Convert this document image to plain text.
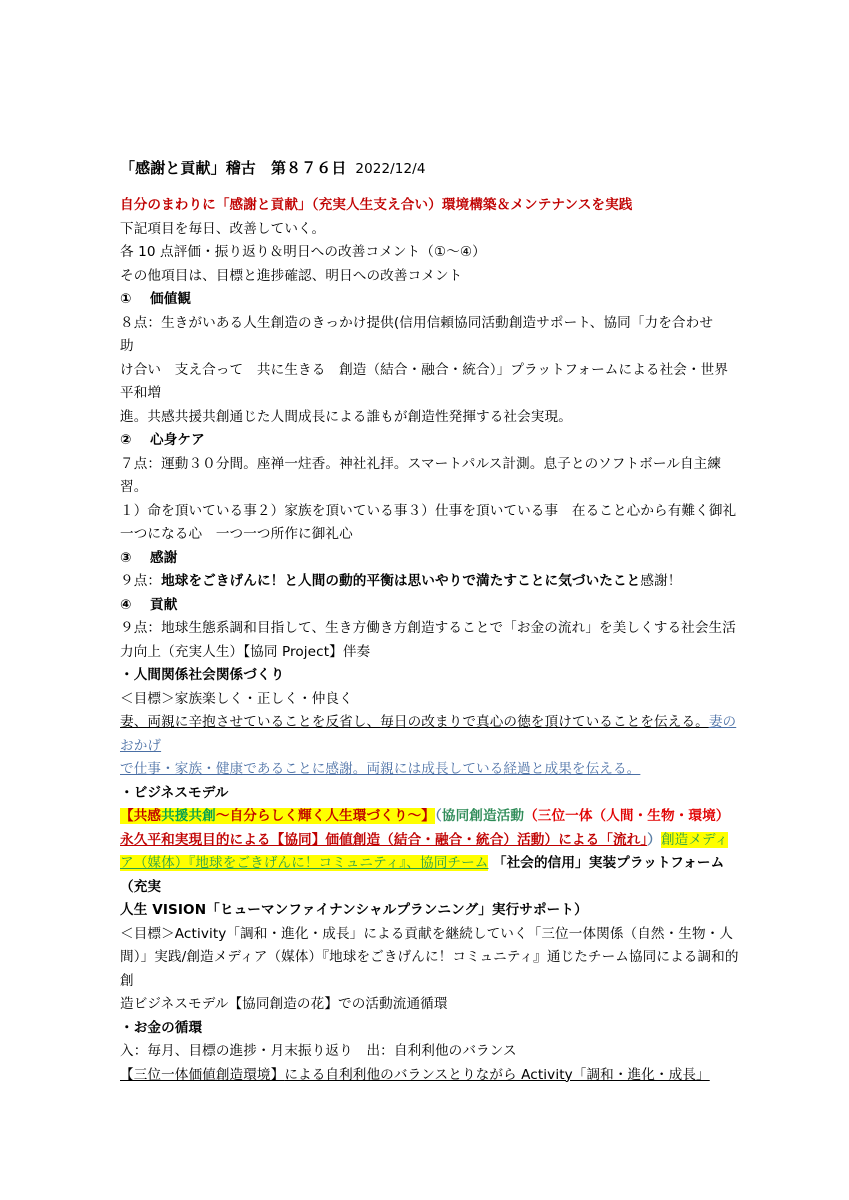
「感謝と貢献」稽古　第８７６日 2022/12/4
自分のまわりに「感謝と貢献」（充実人生支え合い）環境構築＆メンテナンスを実践
下記項目を毎日、改善していく。
各 10 点評価・振り返り＆明日への改善コメント（①～④）
その他項目は、目標と進捗確認、明日への改善コメント
① 価値観
８点：生きがいある人生創造のきっかけ提供(信用信頼協同活動創造サポート、協同「力を合わせ　助
け合い　支え合って　共に生きる　創造（結合・融合・統合）」プラットフォームによる社会・世界平和増
進。共感共援共創通じた人間成長による誰もが創造性発揮する社会実現。
② 心身ケア
７点：運動３０分間。座禅一炷香。神社礼拝。スマートパルス計測。息子とのソフトボール自主練習。
１）命を頂いている事２）家族を頂いている事３）仕事を頂いている事　在ること心から有難く御礼
一つになる心　一つ一つ所作に御礼心
③ 感謝
９点：地球をごきげんに！と人間の動的平衡は思いやりで満たすことに気づいたこと感謝！
④ 貢献
９点：地球生態系調和目指して、生き方働き方創造することで「お金の流れ」を美しくする社会生活
力向上（充実人生）【協同 Project】伴奏
・人間関係社会関係づくり
＜目標＞家族楽しく・正しく・仲良く
妻、両親に辛抱させていることを反省し、毎日の改まりで真心の徳を頂けていることを伝える。妻のおかげ
で仕事・家族・健康であることに感謝。両親には成長している経過と成果を伝える。
・ビジネスモデル
【共感共援共創～自分らしく輝く人生環づくり～】（協同創造活動（三位一体（人間・生物・環境）
永久平和実現目的による【協同】価値創造（結合・融合・統合）活動）による「流れ」）創造メディ
ア（媒体）『地球をごきげんに！コミュニティ』、協同チーム 「社会的信用」実装プラットフォーム（充実
人生 VISION「ヒューマンファイナンシャルプランニング」実行サポート）
＜目標＞Activity「調和・進化・成長」による貢献を継続していく「三位一体関係（自然・生物・人
間）」実践/創造メディア（媒体）『地球をごきげんに！コミュニティ』通じたチーム協同による調和的創
造ビジネスモデル【協同創造の花】での活動流通循環
・お金の循環
入：毎月、目標の進捗・月末振り返り　出：自利利他のバランス
【三位一体価値創造環境】による自利利他のバランスとりながら Activity「調和・進化・成長」
